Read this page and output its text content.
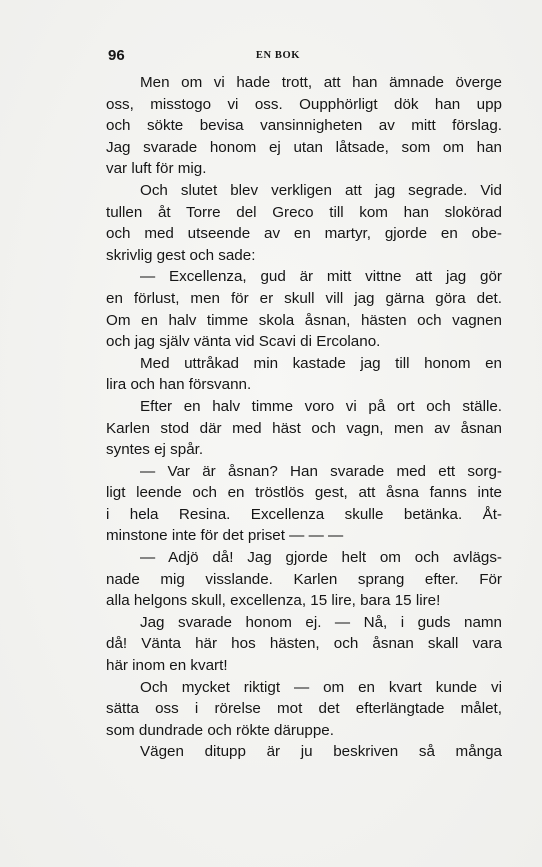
96	EN BOK
Men om vi hade trott, att han ämnade överge
oss, misstogo vi oss. Oupphörligt dök han upp
och sökte bevisa vansinnigheten av mitt förslag.
Jag svarade honom ej utan låtsade, som om han
var luft för mig.
Och slutet blev verkligen att jag segrade. Vid
tullen åt Torre del Greco till kom han slokörad
och med utseende av en martyr, gjorde en obe-
skrivlig gest och sade:
— Excellenza, gud är mitt vittne att jag gör
en förlust, men för er skull vill jag gärna göra det.
Om en halv timme skola åsnan, hästen och vagnen
och jag själv vänta vid Scavi di Ercolano.
Med uttråkad min kastade jag till honom en
lira och han försvann.
Efter en halv timme voro vi på ort och ställe.
Karlen stod där med häst och vagn, men av åsnan
syntes ej spår.
— Var är åsnan? Han svarade med ett sorg-
ligt leende och en tröstlös gest, att åsna fanns inte
i hela Resina. Excellenza skulle betänka. Åt-
minstone inte för det priset — — —
— Adjö då! Jag gjorde helt om och avlägs-
nade mig visslande. Karlen sprang efter. För
alla helgons skull, excellenza, 15 lire, bara 15 lire!
Jag svarade honom ej. — Nå, i guds namn
då! Vänta här hos hästen, och åsnan skall vara
här inom en kvart!
Och mycket riktigt — om en kvart kunde vi
sätta oss i rörelse mot det efterlängtade målet,
som dundrade och rökte däruppe.
Vägen ditupp är ju beskriven så många
